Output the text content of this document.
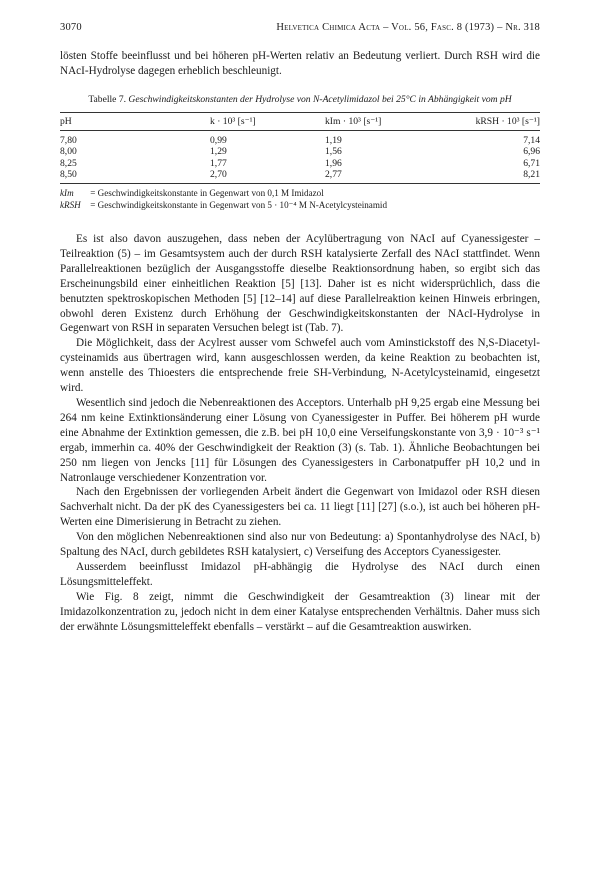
3070	Helvetica Chimica Acta – Vol. 56, Fasc. 8 (1973) – Nr. 318

lösten Stoffe beeinflusst und bei höheren pH-Werten relativ an Bedeutung verliert. Durch RSH wird die NAcI-Hydrolyse dagegen erheblich beschleunigt.

Tabelle 7. Geschwindigkeitskonstanten der Hydrolyse von N-Acetylimidazol bei 25°C in Abhängigkeit vom pH
pH	k · 10³ [s⁻¹]	kIm · 10³ [s⁻¹]	kRSH · 10³ [s⁻¹]
7,80	0,99	1,19	7,14
8,00	1,29	1,56	6,96
8,25	1,77	1,96	6,71
8,50	2,70	2,77	8,21
kIm = Geschwindigkeitskonstante in Gegenwart von 0,1 M Imidazol
kRSH = Geschwindigkeitskonstante in Gegenwart von 5 · 10⁻⁴ M N-Acetylcysteinamid

Es ist also davon auszugehen, dass neben der Acylübertragung von NAcI auf Cyanessigester – Teilreaktion (5) – im Gesamtsystem auch der durch RSH katalysierte Zerfall des NAcI stattfindet. Wenn Parallelreaktionen bezüglich der Ausgangsstoffe dieselbe Reaktionsordnung haben, so ergibt sich das Erscheinungsbild einer einheitlichen Reaktion [5] [13]. Daher ist es nicht widersprüchlich, dass die benutzten spektroskopischen Methoden [5] [12–14] auf diese Parallelreaktion keinen Hinweis erbringen, obwohl deren Existenz durch Erhöhung der Geschwindigkeitskonstanten der NAcI-Hydrolyse in Gegenwart von RSH in separaten Versuchen belegt ist (Tab. 7).

Die Möglichkeit, dass der Acylrest ausser vom Schwefel auch vom Aminstickstoff des N,S-Diacetyl-cysteinamids aus übertragen wird, kann ausgeschlossen werden, da keine Reaktion zu beobachten ist, wenn anstelle des Thioesters die entsprechende freie SH-Verbindung, N-Acetylcysteinamid, eingesetzt wird.

Wesentlich sind jedoch die Nebenreaktionen des Acceptors. Unterhalb pH 9,25 ergab eine Messung bei 264 nm keine Extinktionsänderung einer Lösung von Cyanessigester in Puffer. Bei höherem pH wurde eine Abnahme der Extinktion gemessen, die z.B. bei pH 10,0 eine Verseifungskonstante von 3,9 · 10⁻³ s⁻¹ ergab, immerhin ca. 40% der Geschwindigkeit der Reaktion (3) (s. Tab. 1). Ähnliche Beobachtungen bei 250 nm liegen von Jencks [11] für Lösungen des Cyanessigesters in Carbonatpuffer pH 10,2 und in Natronlauge verschiedener Konzentration vor.

Nach den Ergebnissen der vorliegenden Arbeit ändert die Gegenwart von Imidazol oder RSH diesen Sachverhalt nicht. Da der pK des Cyanessigesters bei ca. 11 liegt [11] [27] (s.o.), ist auch bei höheren pH-Werten eine Dimerisierung in Betracht zu ziehen.

Von den möglichen Nebenreaktionen sind also nur von Bedeutung: a) Spontanhydrolyse des NAcI, b) Spaltung des NAcI, durch gebildetes RSH katalysiert, c) Verseifung des Acceptors Cyanessigester.

Ausserdem beeinflusst Imidazol pH-abhängig die Hydrolyse des NAcI durch einen Lösungsmitteleffekt.

Wie Fig. 8 zeigt, nimmt die Geschwindigkeit der Gesamtreaktion (3) linear mit der Imidazolkonzentration zu, jedoch nicht in dem einer Katalyse entsprechenden Verhältnis. Daher muss sich der erwähnte Lösungsmitteleffekt ebenfalls – verstärkt – auf die Gesamtreaktion auswirken.
